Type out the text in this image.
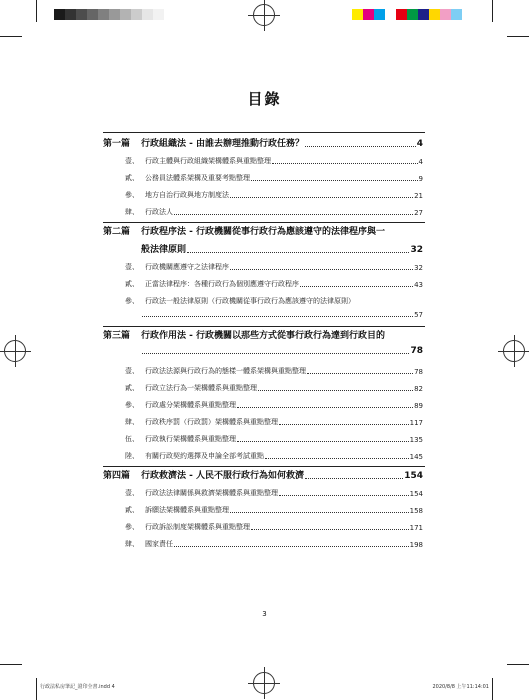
目錄
3
行政法私房筆記_證印全書.indd 4	2020/8/8 上午11:14:01
第一篇	行政組織法 - 由誰去辦理推動行政任務？	4
壹、 行政主體與行政組織架構體系與重點整理	4
貳、 公務員法體系架構及重要考點整理	9
參、 地方自治行政與地方制度法	21
肆、 行政法人	27
第二篇	行政程序法 - 行政機關從事行政行為應該遵守的法律程序與一
般法律原則	32
壹、 行政機關應遵守之法律程序	32
貳、 正當法律程序：各種行政行為個別應遵守行政程序	43
參、 行政法一般法律原則（行政機關從事行政行為應該遵守的法律原則）
57
第三篇	行政作用法 - 行政機關以那些方式從事行政行為達到行政目的
78
壹、 行政法法源與行政行為的態樣一體系架構與重點整理	78
貳、 行政立法行為一架構體系與重點整理	82
參、 行政處分架構體系與重點整理	89
肆、 行政秩序罰（行政罰）架構體系與重點整理	117
伍、 行政執行架構體系與重點整理	135
陸、 有關行政契約選擇及申論全部考試重點	145
第四篇	行政救濟法 - 人民不服行政行為如何救濟	154
壹、 行政法法律關係與救濟架構體系與重點整理	154
貳、 訴願法架構體系與重點整理	158
參、 行政訴訟制度架構體系與重點整理	171
肆、 國家責任	198
